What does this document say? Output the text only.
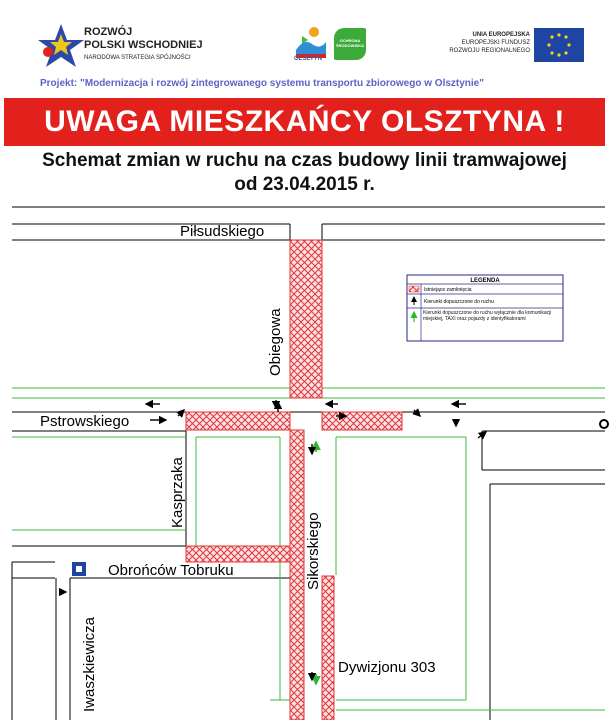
ROZWÓJ
POLSKI WSCHODNIEJ
NARODOWA STRATEGIA SPÓJNOŚCI	OLSZTYN
OCHRONA ŚRODOWISKA
UNIA EUROPEJSKA
EUROPEJSKI FUNDUSZ
ROZWOJU REGIONALNEGO
Projekt: "Modernizacja i rozwój zintegrowanego systemu transportu zbiorowego w Olsztynie"
UWAGA MIESZKAŃCY OLSZTYNA !
Schemat zmian w ruchu na czas budowy linii tramwajowej
od 23.04.2015 r.
Piłsudskiego
Obiegowa
Pstrowskiego
Kasprzaka
Obrońców Tobruku	Sikorskiego
Iwaszkiewicza	Dywizjonu 303
LEGENDA
Istniejące zamknięcia
Kierunki dopuszczone do ruchu
Kierunki dopuszczone do ruchu wyłącznie dla komunikacji miejskiej, TAXI oraz pojazdy z identyfikatorami
